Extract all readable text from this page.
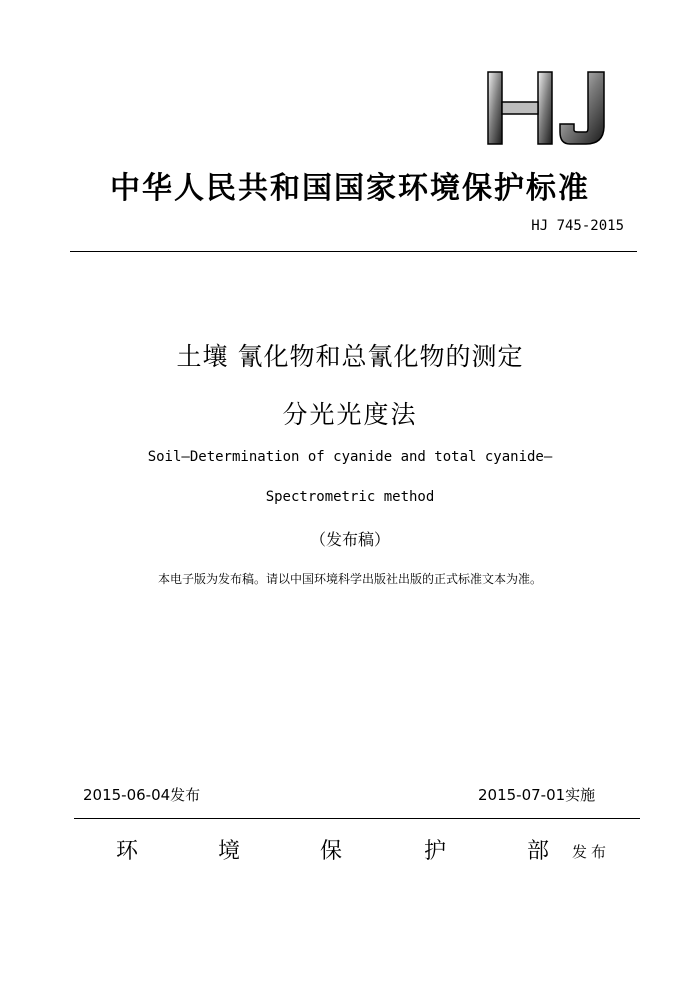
中华人民共和国国家环境保护标准
HJ 745-2015
土壤 氰化物和总氰化物的测定
分光光度法
Soil—Determination of cyanide and total cyanide—
Spectrometric method
（发布稿）
本电子版为发布稿。请以中国环境科学出版社出版的正式标准文本为准。
2015-06-04发布	2015-07-01实施
环	境	保	护	部 发布
